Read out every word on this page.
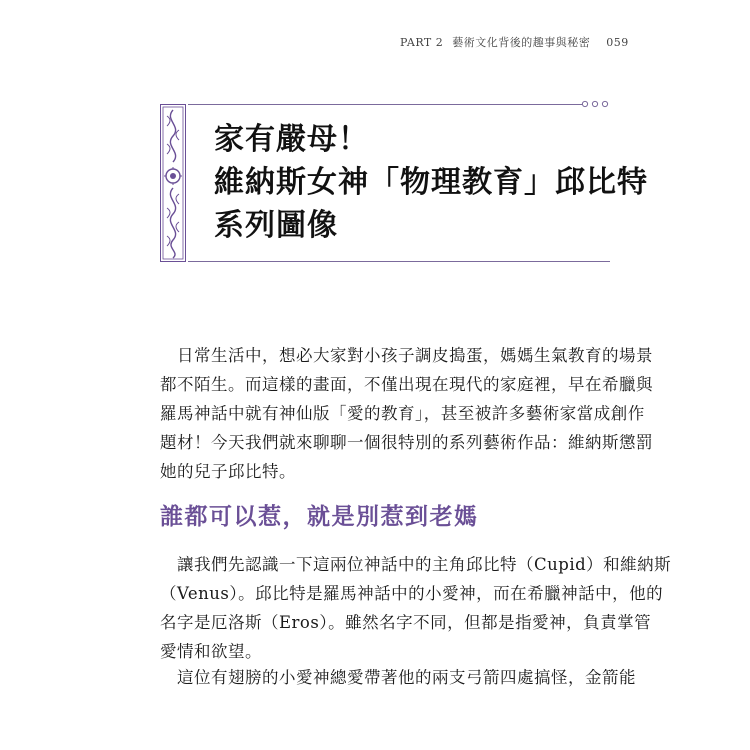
PART 2 藝術文化背後的趣事與秘密 059
家有嚴母！
維納斯女神「物理教育」邱比特
系列圖像
日常生活中，想必大家對小孩子調皮搗蛋，媽媽生氣教育的場景
都不陌生。而這樣的畫面，不僅出現在現代的家庭裡，早在希臘與
羅馬神話中就有神仙版「愛的教育」，甚至被許多藝術家當成創作
題材！今天我們就來聊聊一個很特別的系列藝術作品：維納斯懲罰
她的兒子邱比特。
誰都可以惹，就是別惹到老媽
讓我們先認識一下這兩位神話中的主角邱比特（Cupid）和維納斯
（Venus）。邱比特是羅馬神話中的小愛神，而在希臘神話中，他的
名字是厄洛斯（Eros）。雖然名字不同，但都是指愛神，負責掌管
愛情和欲望。
這位有翅膀的小愛神總愛帶著他的兩支弓箭四處搞怪，金箭能
